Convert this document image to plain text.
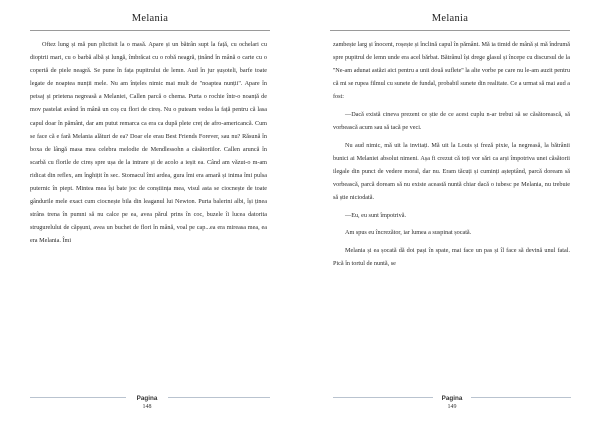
Melania

Oftez lung și mă pun plictisit la o masă. Apare și un bătrân supt la față, cu ochelari cu dioptrii mari, cu o barbă albă și lungă, îmbrăcat cu o robă neagră, ținând în mână o carte cu o copertă de piele neagră. Se pune în fața pupitrului de lemn. Aud în jur șușoteli, barfe toate legate de noaptea nunții mele. Nu am înțeles nimic mai mult de "noaptea nunții". Apare în peisaj și prietena negreasă a Melaniei, Callen parcă o chema. Purta o rochie într-o noanță de mov pastelat având în mână un coș cu flori de cireș. Nu o puteam vedea la față pentru că lasa capul doar în pământ, dar am putut remarca ca era ca după plete creț de afro-americancă. Cum se face că e fară Melania alături de ea? Doar ele erau Best Friends Forever, sau nu? Răsună în boxa de lângă masa mea celebra melodie de Mendlessohn a căsătoriilor. Callen aruncă în scarbă cu florile de cireș spre ușa de la intrare și de acolo a ieșit ea. Când am văzut-o m-am ridicat din reflex, am înghițit în sec. Stomacul îmi ardea, gura îmi era amară și inima îmi pulsa puternic în piept. Mintea mea își bate joc de conștiința mea, visul asta se ciocnește de toate gândurile mele exact cum ciocnește bila din leaganul lui Newton. Purta balerini albi, își ținea strâns trena în pumni să nu calce pe ea, avea părul prins în coc, buzele îi lucea datorita strugurelului de căpșuni, avea un buchet de flori în mână, voal pe cap...ea era mireasa mea, ea era Melania. Îmi

Pagina
148
Melania

zambește larg și înocent, roșește și înclină capul în pământ. Mă ia timid de mână și mă îndrumă spre pupitrul de lemn unde era acel bărbat. Bătrânul își drege glasul și începe cu discursul de la ''Ne-am adunat astăzi aici pentru a unii două suflete'' la alte vorbe pe care nu le-am auzit pentru că mi se rupea filmul cu sunete de fundal, probabil sunete din realitate. Ce a urmat să mai aud a fost:

—Dacă există cineva prezent ce știe de ce acest cuplu n-ar trebui să se căsătorească, să vorbească acum sau să tacă pe veci.

Nu aud nimic, mă uit la invitați. Mă uit la Louis și freză pixie, la negreasă, la bătrânii bunici ai Melaniei absolut nimeni. Așa fi crezut că toți vor sări ca arși împotriva unei căsătorii ilegale din punct de vedere moral, dar nu. Eram tăcuți și cuminți așteptând, parcă doream să vorbească, parcă doream să nu existe această nuntă chiar dacă o iubesc pe Melania, nu trebuie să știe niciodată.

—Eu, eu sunt împotrivă.

Am spus eu încrezător, iar lumea a suspinat șocată.

Melania și ea șocată dă doi pași în spate, mai face un pas și îl face să devină unul fatal. Pică în tortul de nuntă, se

Pagina
149
